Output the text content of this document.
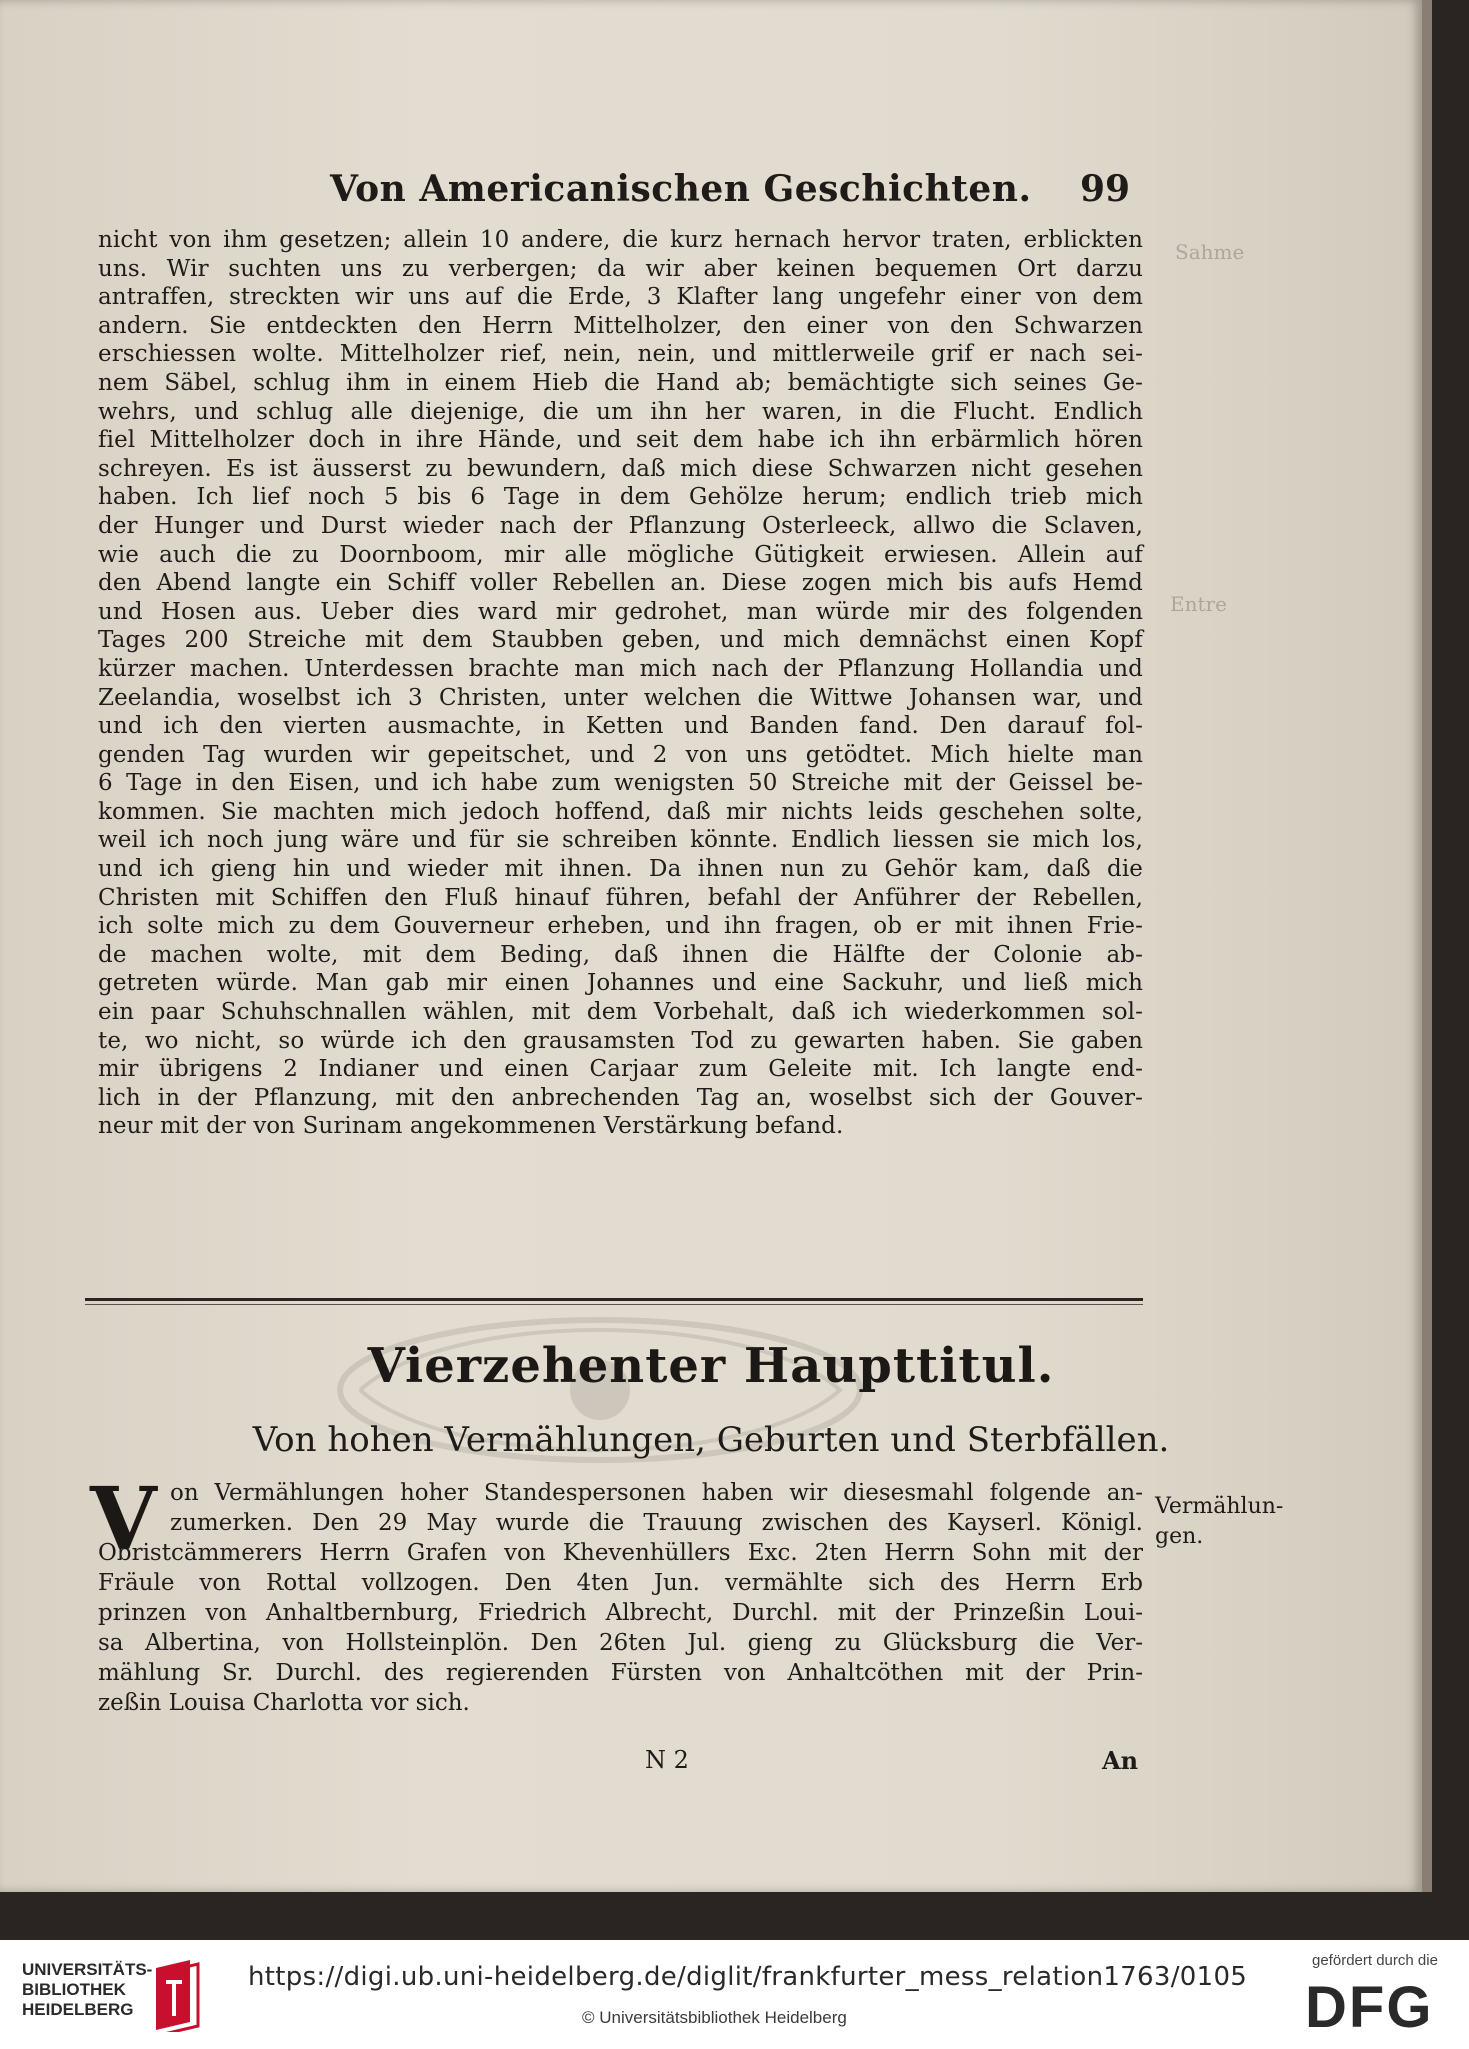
Sahme
Entre
Von Americanischen Geschichten. 99
nicht von ihm gesetzen; allein 10 andere, die kurz hernach hervor traten, erblickten
uns. Wir suchten uns zu verbergen; da wir aber keinen bequemen Ort darzu
antraffen, streckten wir uns auf die Erde, 3 Klafter lang ungefehr einer von dem
andern. Sie entdeckten den Herrn Mittelholzer, den einer von den Schwarzen
erschiessen wolte. Mittelholzer rief, nein, nein, und mittlerweile grif er nach sei-
nem Säbel, schlug ihm in einem Hieb die Hand ab; bemächtigte sich seines Ge-
wehrs, und schlug alle diejenige, die um ihn her waren, in die Flucht. Endlich
fiel Mittelholzer doch in ihre Hände, und seit dem habe ich ihn erbärmlich hören
schreyen. Es ist äusserst zu bewundern, daß mich diese Schwarzen nicht gesehen
haben. Ich lief noch 5 bis 6 Tage in dem Gehölze herum; endlich trieb mich
der Hunger und Durst wieder nach der Pflanzung Osterleeck, allwo die Sclaven,
wie auch die zu Doornboom, mir alle mögliche Gütigkeit erwiesen. Allein auf
den Abend langte ein Schiff voller Rebellen an. Diese zogen mich bis aufs Hemd
und Hosen aus. Ueber dies ward mir gedrohet, man würde mir des folgenden
Tages 200 Streiche mit dem Staubben geben, und mich demnächst einen Kopf
kürzer machen. Unterdessen brachte man mich nach der Pflanzung Hollandia und
Zeelandia, woselbst ich 3 Christen, unter welchen die Wittwe Johansen war, und
und ich den vierten ausmachte, in Ketten und Banden fand. Den darauf fol-
genden Tag wurden wir gepeitschet, und 2 von uns getödtet. Mich hielte man
6 Tage in den Eisen, und ich habe zum wenigsten 50 Streiche mit der Geissel be-
kommen. Sie machten mich jedoch hoffend, daß mir nichts leids geschehen solte,
weil ich noch jung wäre und für sie schreiben könnte. Endlich liessen sie mich los,
und ich gieng hin und wieder mit ihnen. Da ihnen nun zu Gehör kam, daß die
Christen mit Schiffen den Fluß hinauf führen, befahl der Anführer der Rebellen,
ich solte mich zu dem Gouverneur erheben, und ihn fragen, ob er mit ihnen Frie-
de machen wolte, mit dem Beding, daß ihnen die Hälfte der Colonie ab-
getreten würde. Man gab mir einen Johannes und eine Sackuhr, und ließ mich
ein paar Schuhschnallen wählen, mit dem Vorbehalt, daß ich wiederkommen sol-
te, wo nicht, so würde ich den grausamsten Tod zu gewarten haben. Sie gaben
mir übrigens 2 Indianer und einen Carjaar zum Geleite mit. Ich langte end-
lich in der Pflanzung, mit den anbrechenden Tag an, woselbst sich der Gouver-
neur mit der von Surinam angekommenen Verstärkung befand.
Vierzehenter Haupttitul.
Von hohen Vermählungen, Geburten und Sterbfällen.
V on Vermählungen hoher Standespersonen haben wir diesesmahl folgende an-
zumerken. Den 29 May wurde die Trauung zwischen des Kayserl. Königl.
Obristcämmerers Herrn Grafen von Khevenhüllers Exc. 2ten Herrn Sohn mit der
Fräule von Rottal vollzogen. Den 4ten Jun. vermählte sich des Herrn Erb
prinzen von Anhaltbernburg, Friedrich Albrecht, Durchl. mit der Prinzeßin Loui-
sa Albertina, von Hollsteinplön. Den 26ten Jul. gieng zu Glücksburg die Ver-
mählung Sr. Durchl. des regierenden Fürsten von Anhaltcöthen mit der Prin-
zeßin Louisa Charlotta vor sich.
Vermählun-
gen.
N 2	An
UNIVERSITÄTS-
BIBLIOTHEK
HEIDELBERG
https://digi.ub.uni-heidelberg.de/diglit/frankfurter_mess_relation1763/0105
© Universitätsbibliothek Heidelberg
gefördert durch die
DFG
